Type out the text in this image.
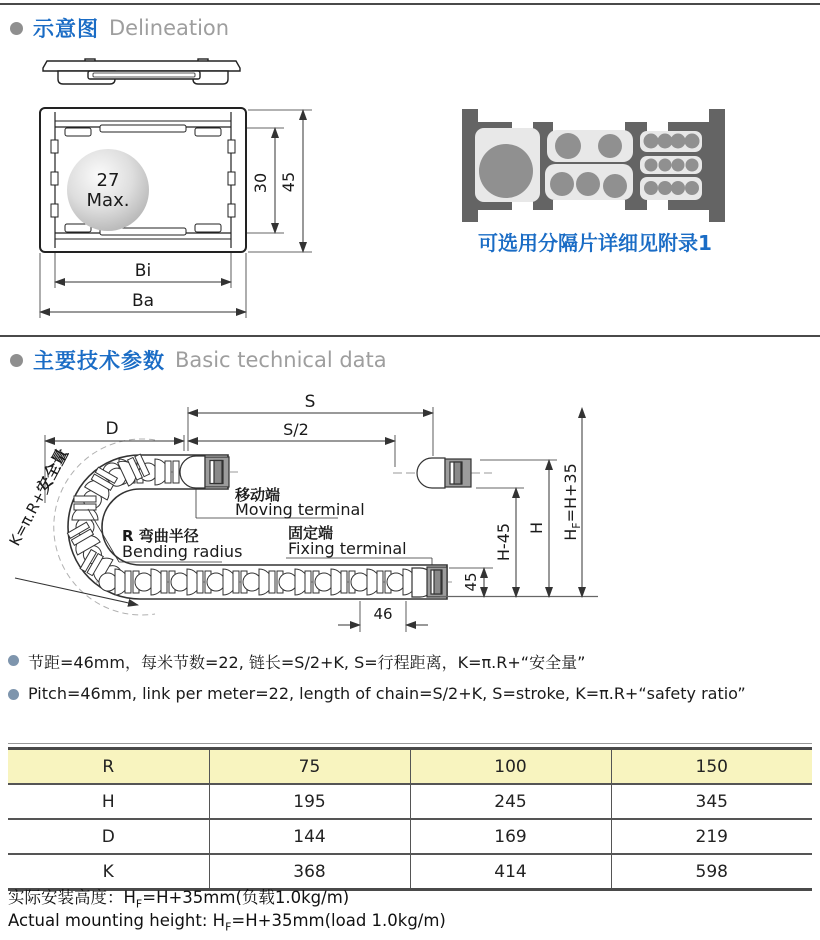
示意图 Delineation
27
Max.
30 45
Bi
Ba
可选用分隔片详细见附录1
主要技术参数 Basic technical data
S
S/2
D
46
45
H-45 H
$H_F=H+35$
移动端
Moving terminal
固定端
Fixing terminal
R 弯曲半径
Bending radius
K=π.R+安全量
节距=46mm，每米节数=22, 链长=S/2+K, S=行程距离，K=π.R+“安全量”
Pitch=46mm, link per meter=22, length of chain=S/2+K, S=stroke, K=π.R+“safety ratio”
R	75	100	150
H	195	245	345
D	144	169	219
K	368	414	598
实际安装高度：$H_F=H+35mm$(负载1.0kg/m)
Actual mounting height: $H_F=H+35mm(load$ 1.0kg/m)
